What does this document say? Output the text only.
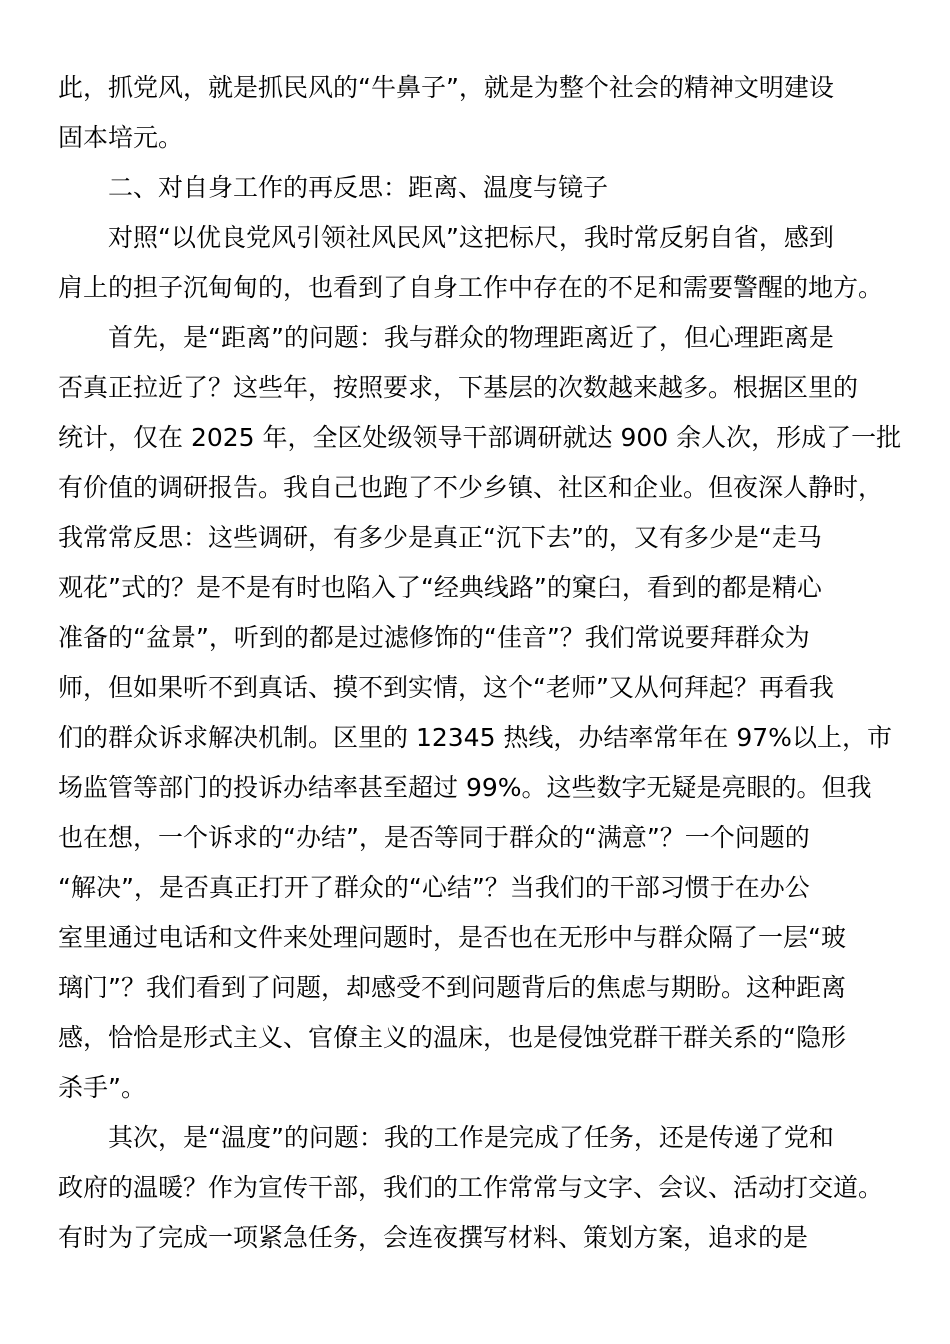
此，抓党风，就是抓民风的“牛鼻子”，就是为整个社会的精神文明建设
固本培元。
二、对自身工作的再反思：距离、温度与镜子
对照“以优良党风引领社风民风”这把标尺，我时常反躬自省，感到
肩上的担子沉甸甸的，也看到了自身工作中存在的不足和需要警醒的地方。
首先，是“距离”的问题：我与群众的物理距离近了，但心理距离是
否真正拉近了？这些年，按照要求，下基层的次数越来越多。根据区里的
统计，仅在 2025 年，全区处级领导干部调研就达 900 余人次，形成了一批
有价值的调研报告。我自己也跑了不少乡镇、社区和企业。但夜深人静时，
我常常反思：这些调研，有多少是真正“沉下去”的，又有多少是“走马
观花”式的？是不是有时也陷入了“经典线路”的窠臼，看到的都是精心
准备的“盆景”，听到的都是过滤修饰的“佳音”？我们常说要拜群众为
师，但如果听不到真话、摸不到实情，这个“老师”又从何拜起？再看我
们的群众诉求解决机制。区里的 12345 热线，办结率常年在 97%以上，市
场监管等部门的投诉办结率甚至超过 99%。这些数字无疑是亮眼的。但我
也在想，一个诉求的“办结”，是否等同于群众的“满意”？一个问题的
“解决”，是否真正打开了群众的“心结”？当我们的干部习惯于在办公
室里通过电话和文件来处理问题时，是否也在无形中与群众隔了一层“玻
璃门”？我们看到了问题，却感受不到问题背后的焦虑与期盼。这种距离
感，恰恰是形式主义、官僚主义的温床，也是侵蚀党群干群关系的“隐形
杀手”。
其次，是“温度”的问题：我的工作是完成了任务，还是传递了党和
政府的温暖？作为宣传干部，我们的工作常常与文字、会议、活动打交道。
有时为了完成一项紧急任务，会连夜撰写材料、策划方案，追求的是
